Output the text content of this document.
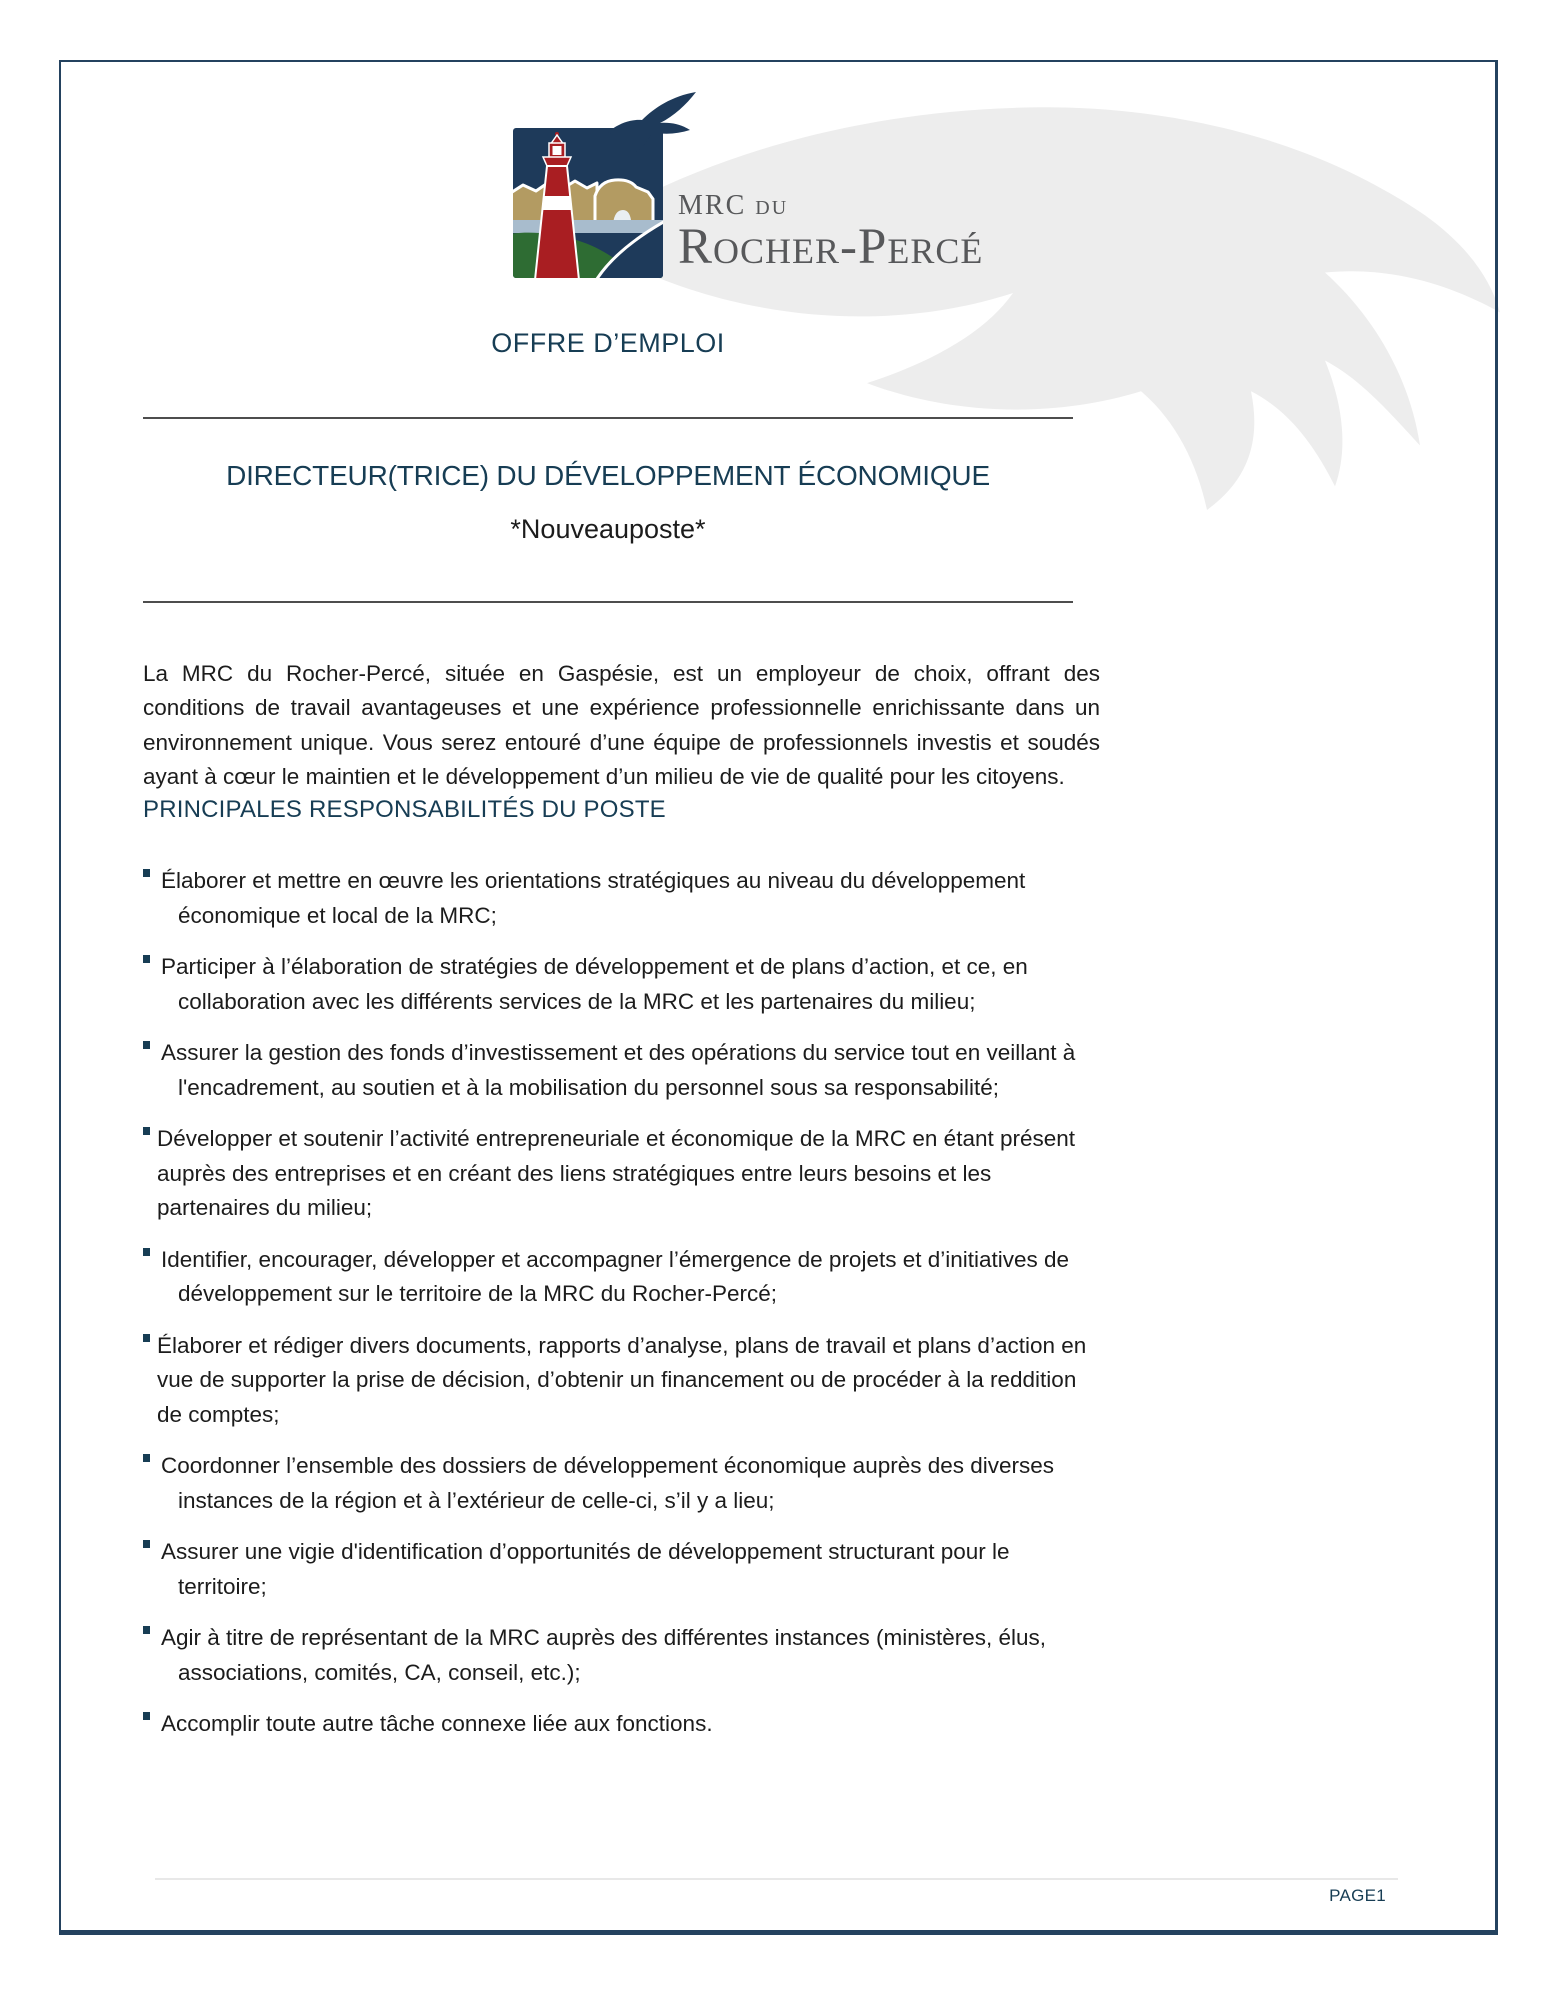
MRC du
Rocher-Percé
OFFRE D’EMPLOI
DIRECTEUR(TRICE) DU DÉVELOPPEMENT ÉCONOMIQUE
*Nouveauposte*

La MRC du Rocher-Percé, située en Gaspésie, est un employeur de choix, offrant des conditions de travail avantageuses et une expérience professionnelle enrichissante dans un environnement unique. Vous serez entouré d’une équipe de professionnels investis et soudés ayant à cœur le maintien et le développement d’un milieu de vie de qualité pour les citoyens.

PRINCIPALES RESPONSABILITÉS DU POSTE
Élaborer et mettre en œuvre les orientations stratégiques au niveau du développement économique et local de la MRC;
Participer à l’élaboration de stratégies de développement et de plans d’action, et ce, en collaboration avec les différents services de la MRC et les partenaires du milieu;
Assurer la gestion des fonds d’investissement et des opérations du service tout en veillant à l'encadrement, au soutien et à la mobilisation du personnel sous sa responsabilité;
Développer et soutenir l’activité entrepreneuriale et économique de la MRC en étant présent auprès des entreprises et en créant des liens stratégiques entre leurs besoins et les partenaires du milieu;
Identifier, encourager, développer et accompagner l’émergence de projets et d’initiatives de développement sur le territoire de la MRC du Rocher-Percé;
Élaborer et rédiger divers documents, rapports d’analyse, plans de travail et plans d’action en vue de supporter la prise de décision, d’obtenir un financement ou de procéder à la reddition de comptes;
Coordonner l’ensemble des dossiers de développement économique auprès des diverses instances de la région et à l’extérieur de celle-ci, s’il y a lieu;
Assurer une vigie d'identification d’opportunités de développement structurant pour le territoire;
Agir à titre de représentant de la MRC auprès des différentes instances (ministères, élus, associations, comités, CA, conseil, etc.);
Accomplir toute autre tâche connexe liée aux fonctions.
PAGE1
